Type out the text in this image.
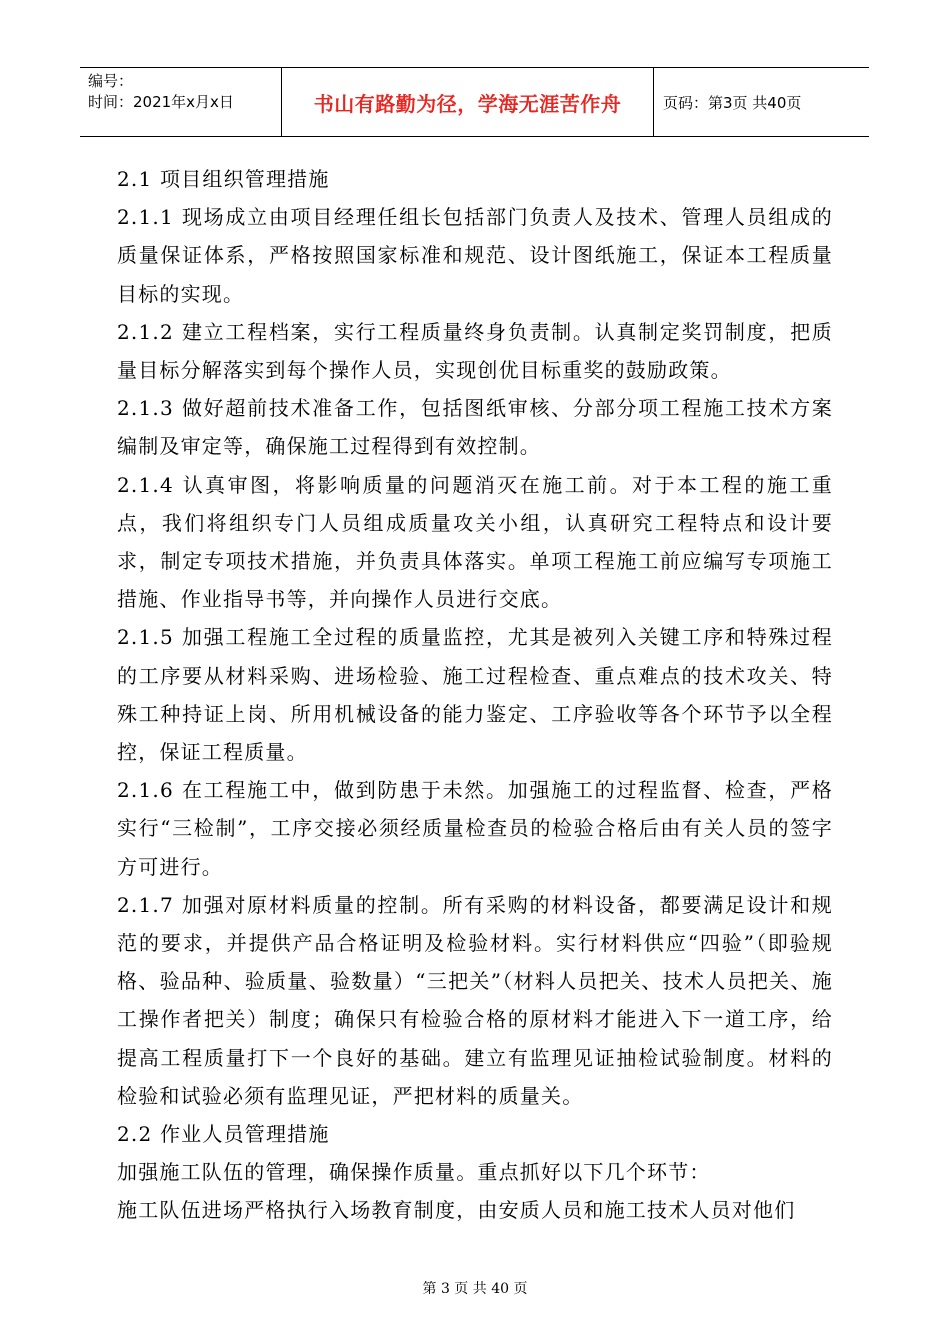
编号：
时间：2021年x月x日	书山有路勤为径，学海无涯苦作舟	页码：第3页 共40页

2.1 项目组织管理措施

2.1.1 现场成立由项目经理任组长包括部门负责人及技术、管理人员组成的质量保证体系，严格按照国家标准和规范、设计图纸施工，保证本工程质量目标的实现。

2.1.2 建立工程档案，实行工程质量终身负责制。认真制定奖罚制度，把质量目标分解落实到每个操作人员，实现创优目标重奖的鼓励政策。

2.1.3 做好超前技术准备工作，包括图纸审核、分部分项工程施工技术方案编制及审定等，确保施工过程得到有效控制。

2.1.4 认真审图，将影响质量的问题消灭在施工前。对于本工程的施工重点，我们将组织专门人员组成质量攻关小组，认真研究工程特点和设计要求，制定专项技术措施，并负责具体落实。单项工程施工前应编写专项施工措施、作业指导书等，并向操作人员进行交底。

2.1.5 加强工程施工全过程的质量监控，尤其是被列入关键工序和特殊过程的工序要从材料采购、进场检验、施工过程检查、重点难点的技术攻关、特殊工种持证上岗、所用机械设备的能力鉴定、工序验收等各个环节予以全程控，保证工程质量。

2.1.6 在工程施工中，做到防患于未然。加强施工的过程监督、检查，严格实行“三检制”，工序交接必须经质量检查员的检验合格后由有关人员的签字方可进行。

2.1.7 加强对原材料质量的控制。所有采购的材料设备，都要满足设计和规范的要求，并提供产品合格证明及检验材料。实行材料供应“四验”（即验规格、验品种、验质量、验数量）“三把关”（材料人员把关、技术人员把关、施工操作者把关）制度；确保只有检验合格的原材料才能进入下一道工序，给提高工程质量打下一个良好的基础。建立有监理见证抽检试验制度。材料的检验和试验必须有监理见证，严把材料的质量关。

2.2 作业人员管理措施

加强施工队伍的管理，确保操作质量。重点抓好以下几个环节：

施工队伍进场严格执行入场教育制度，由安质人员和施工技术人员对他们

第 3 页 共 40 页
